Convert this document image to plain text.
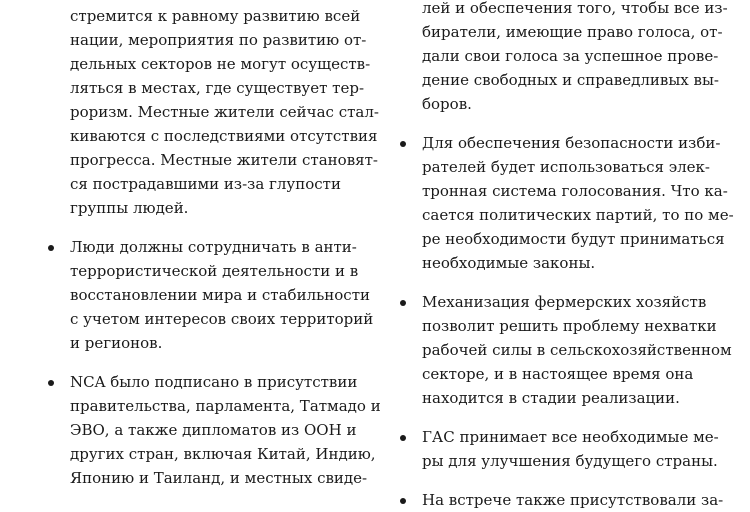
стремится к равному развитию всей
нации, мероприятия по развитию от-
дельных секторов не могут осуществ-
ляться в местах, где существует тер-
роризм. Местные жители сейчас стал-
киваются с последствиями отсутствия
прогресса. Местные жители становят-
ся пострадавшими из-за глупости
группы людей.
Люди должны сотрудничать в анти-
террористической деятельности и в
восстановлении мира и стабильности
с учетом интересов своих территорий
и регионов.
NCA было подписано в присутствии
правительства, парламента, Татмадо и
ЭВО, а также дипломатов из ООН и
других стран, включая Китай, Индию,
Японию и Таиланд, и местных свиде-
лей и обеспечения того, чтобы все из-
биратели, имеющие право голоса, от-
дали свои голоса за успешное прове-
дение свободных и справедливых вы-
боров.
Для обеспечения безопасности изби-
рателей будет использоваться элек-
тронная система голосования. Что ка-
сается политических партий, то по ме-
ре необходимости будут приниматься
необходимые законы.
Механизация фермерских хозяйств
позволит решить проблему нехватки
рабочей силы в сельскохозяйственном
секторе, и в настоящее время она
находится в стадии реализации.
ГАС принимает все необходимые ме-
ры для улучшения будущего страны.
На встрече также присутствовали за-
